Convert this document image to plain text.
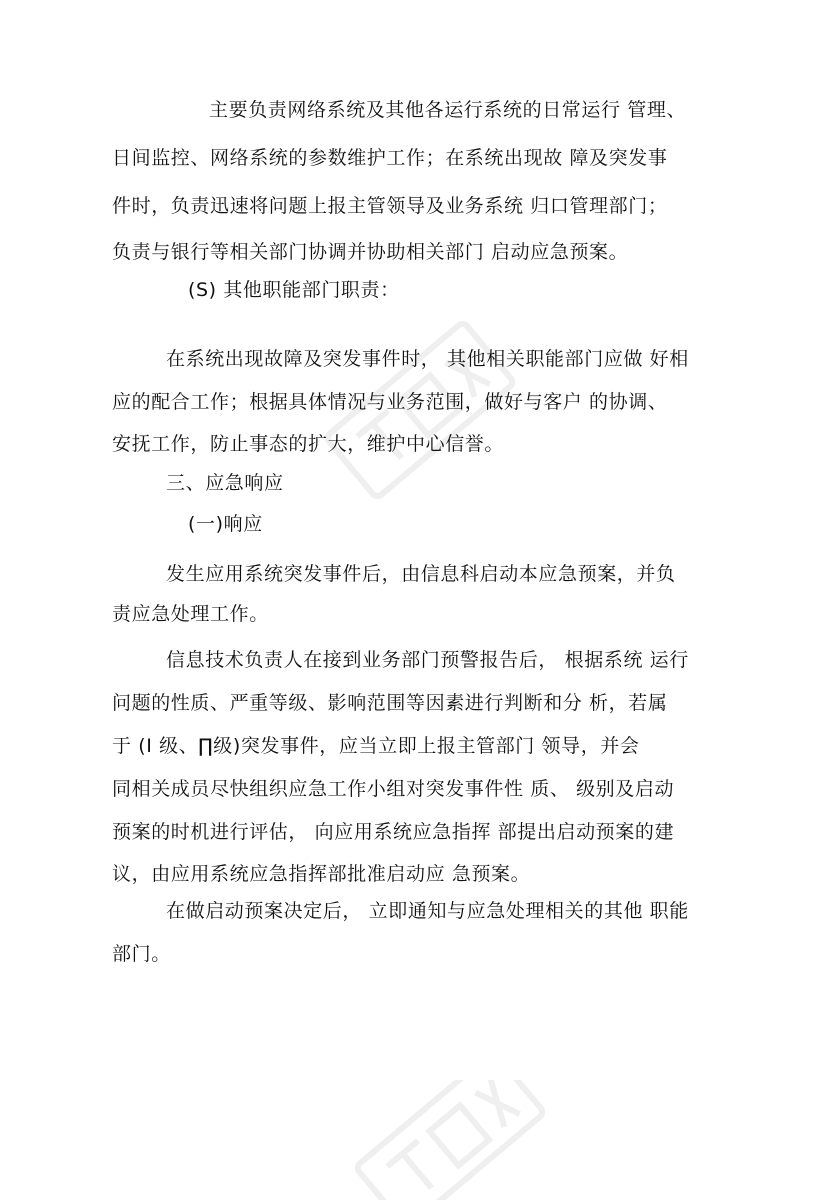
主要负责网络系统及其他各运行系统的日常运行 管理、
日间监控、网络系统的参数维护工作；在系统出现故 障及突发事
件时，负责迅速将问题上报主管领导及业务系统 归口管理部门；
负责与银行等相关部门协调并协助相关部门 启动应急预案。
(S) 其他职能部门职责：
在系统出现故障及突发事件时， 其他相关职能部门应做 好相
应的配合工作；根据具体情况与业务范围，做好与客户 的协调、
安抚工作，防止事态的扩大，维护中心信誉。
三、应急响应
(一)响应
发生应用系统突发事件后，由信息科启动本应急预案，并负
责应急处理工作。
信息技术负责人在接到业务部门预警报告后， 根据系统 运行
问题的性质、严重等级、影响范围等因素进行判断和分 析，若属
于 (I 级、∏级)突发事件，应当立即上报主管部门 领导，并会
同相关成员尽快组织应急工作小组对突发事件性 质、 级别及启动
预案的时机进行评估， 向应用系统应急指挥 部提出启动预案的建
议，由应用系统应急指挥部批准启动应 急预案。
在做启动预案决定后， 立即通知与应急处理相关的其他 职能
部门。
